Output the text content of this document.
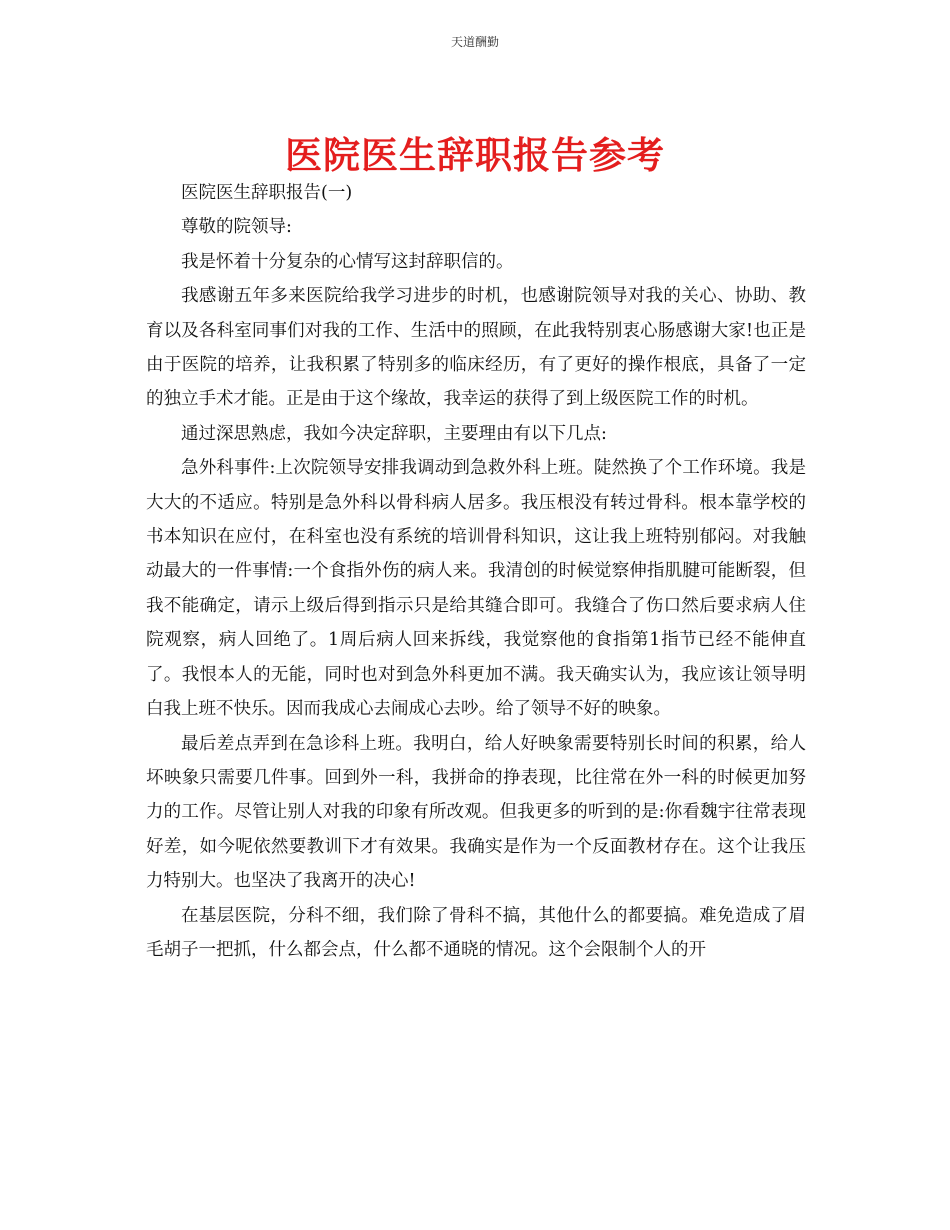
天道酬勤
医院医生辞职报告参考

医院医生辞职报告(一)

尊敬的院领导:

我是怀着十分复杂的心情写这封辞职信的。

我感谢五年多来医院给我学习进步的时机，也感谢院领导对我的关心、协助、教育以及各科室同事们对我的工作、生活中的照顾，在此我特别衷心肠感谢大家!也正是由于医院的培养，让我积累了特别多的临床经历，有了更好的操作根底，具备了一定的独立手术才能。正是由于这个缘故，我幸运的获得了到上级医院工作的时机。

通过深思熟虑，我如今决定辞职，主要理由有以下几点:

急外科事件:上次院领导安排我调动到急救外科上班。陡然换了个工作环境。我是大大的不适应。特别是急外科以骨科病人居多。我压根没有转过骨科。根本靠学校的书本知识在应付，在科室也没有系统的培训骨科知识，这让我上班特别郁闷。对我触动最大的一件事情:一个食指外伤的病人来。我清创的时候觉察伸指肌腱可能断裂，但我不能确定，请示上级后得到指示只是给其缝合即可。我缝合了伤口然后要求病人住院观察，病人回绝了。1周后病人回来拆线，我觉察他的食指第1指节已经不能伸直了。我恨本人的无能，同时也对到急外科更加不满。我天确实认为，我应该让领导明白我上班不快乐。因而我成心去闹成心去吵。给了领导不好的映象。

最后差点弄到在急诊科上班。我明白，给人好映象需要特别长时间的积累，给人坏映象只需要几件事。回到外一科，我拼命的挣表现，比往常在外一科的时候更加努力的工作。尽管让别人对我的印象有所改观。但我更多的听到的是:你看魏宇往常表现好差，如今呢依然要教训下才有效果。我确实是作为一个反面教材存在。这个让我压力特别大。也坚决了我离开的决心!

在基层医院，分科不细，我们除了骨科不搞，其他什么的都要搞。难免造成了眉毛胡子一把抓，什么都会点，什么都不通晓的情况。这个会限制个人的开
